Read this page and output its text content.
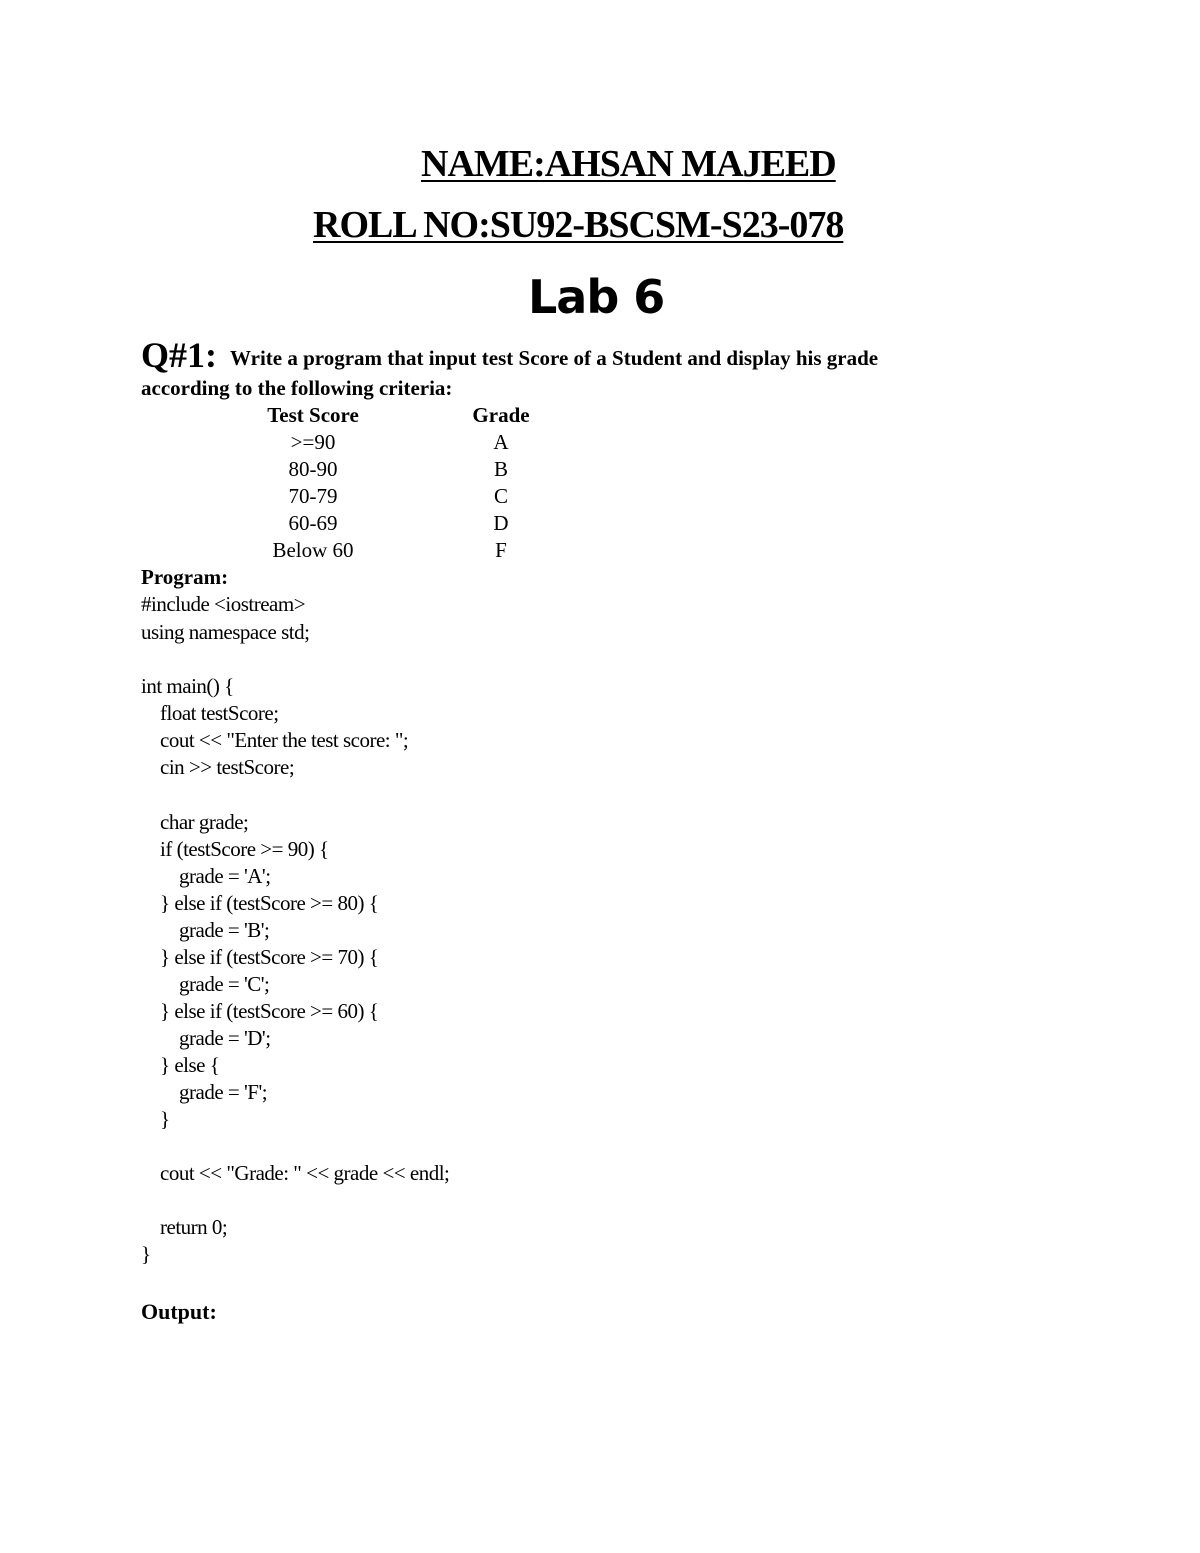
NAME:AHSAN MAJEED
ROLL NO:SU92-BSCSM-S23-078
Lab 6
Q#1: Write a program that input test Score of a Student and display his grade
according to the following criteria:
Test Score	Grade
>=90	A
80-90	B
70-79	C
60-69	D
Below 60	F
Program:
#include <iostream>
using namespace std;
int main() {
float testScore;
cout << "Enter the test score: ";
cin >> testScore;
char grade;
if (testScore >= 90) {
grade = 'A';
} else if (testScore >= 80) {
grade = 'B';
} else if (testScore >= 70) {
grade = 'C';
} else if (testScore >= 60) {
grade = 'D';
} else {
grade = 'F';
}
cout << "Grade: " << grade << endl;
return 0;
}
Output:
